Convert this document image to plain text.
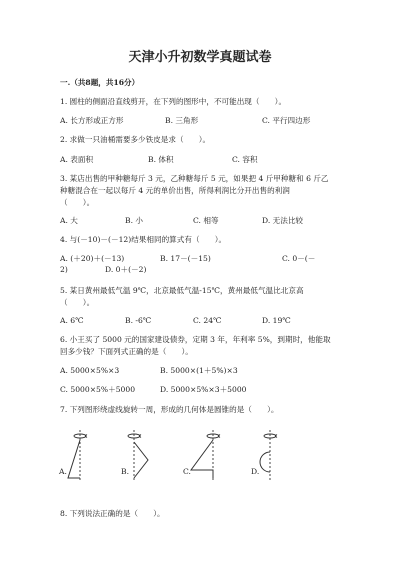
天津小升初数学真题试卷
一.（共8题，共16分）
1. 圆柱的侧面沿直线剪开，在下列的图形中，不可能出现（　　）。
A. 长方形或正方形	B. 三角形	C. 平行四边形
2. 求做一只油桶需要多少铁皮是求（　　）。
A. 表面积	B. 体积	C. 容积
3. 某店出售的甲种糖每斤 3 元，乙种糖每斤 5 元，如果把 4 斤甲种糖和 6 斤乙
种糖混合在一起以每斤 4 元的单价出售，所得利润比分开出售的利润
（　　）。
A. 大	B. 小	C. 相等	D. 无法比较
4. 与(－10)－(－12)结果相同的算式有（　　）。
A. (＋20)＋(－13)	B. 17－(－15)	C. 0－(－
2)	D. 0＋(－2)
5. 某日黄州最低气温 9℃，北京最低气温-15℃，黄州最低气温比北京高
（　　）。
A. 6℃	B. -6℃	C. 24℃	D. 19℃
6. 小王买了 5000 元的国家建设债券，定期 3 年，年利率 5%，到期时，他能取
回多少钱？下面列式正确的是（　　）。
A. 5000×5%×3	B. 5000×(1＋5%)×3
C. 5000×5%＋5000	D. 5000×5%×3＋5000
7. 下列图形绕虚线旋转一周，形成的几何体是圆锥的是（　　）。
A.	B.	C.	D.
8. 下列说法正确的是（　　）。
